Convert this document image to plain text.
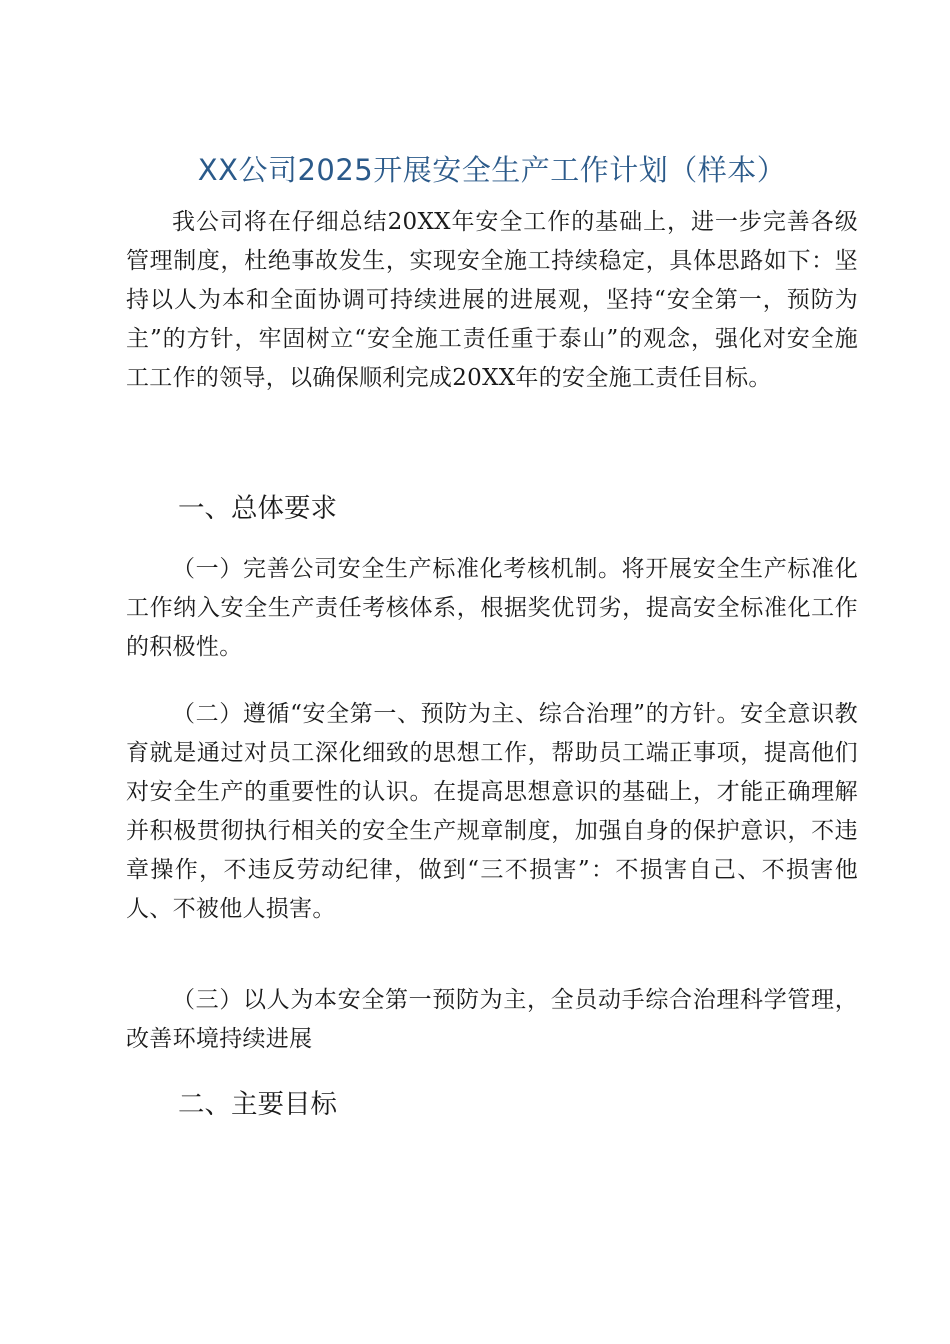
XX公司2025开展安全生产工作计划（样本）

我公司将在仔细总结20XX年安全工作的基础上，进一步完善各级管理制度，杜绝事故发生，实现安全施工持续稳定，具体思路如下：坚持以人为本和全面协调可持续进展的进展观，坚持“安全第一，预防为主”的方针，牢固树立“安全施工责任重于泰山”的观念，强化对安全施工工作的领导，以确保顺利完成20XX年的安全施工责任目标。

一、总体要求

（一）完善公司安全生产标准化考核机制。将开展安全生产标准化工作纳入安全生产责任考核体系，根据奖优罚劣，提高安全标准化工作的积极性。

（二）遵循“安全第一、预防为主、综合治理”的方针。安全意识教育就是通过对员工深化细致的思想工作，帮助员工端正事项，提高他们对安全生产的重要性的认识。在提高思想意识的基础上，才能正确理解并积极贯彻执行相关的安全生产规章制度，加强自身的保护意识，不违章操作，不违反劳动纪律，做到“三不损害”：不损害自己、不损害他人、不被他人损害。

（三）以人为本安全第一预防为主，全员动手综合治理科学管理，改善环境持续进展

二、主要目标
